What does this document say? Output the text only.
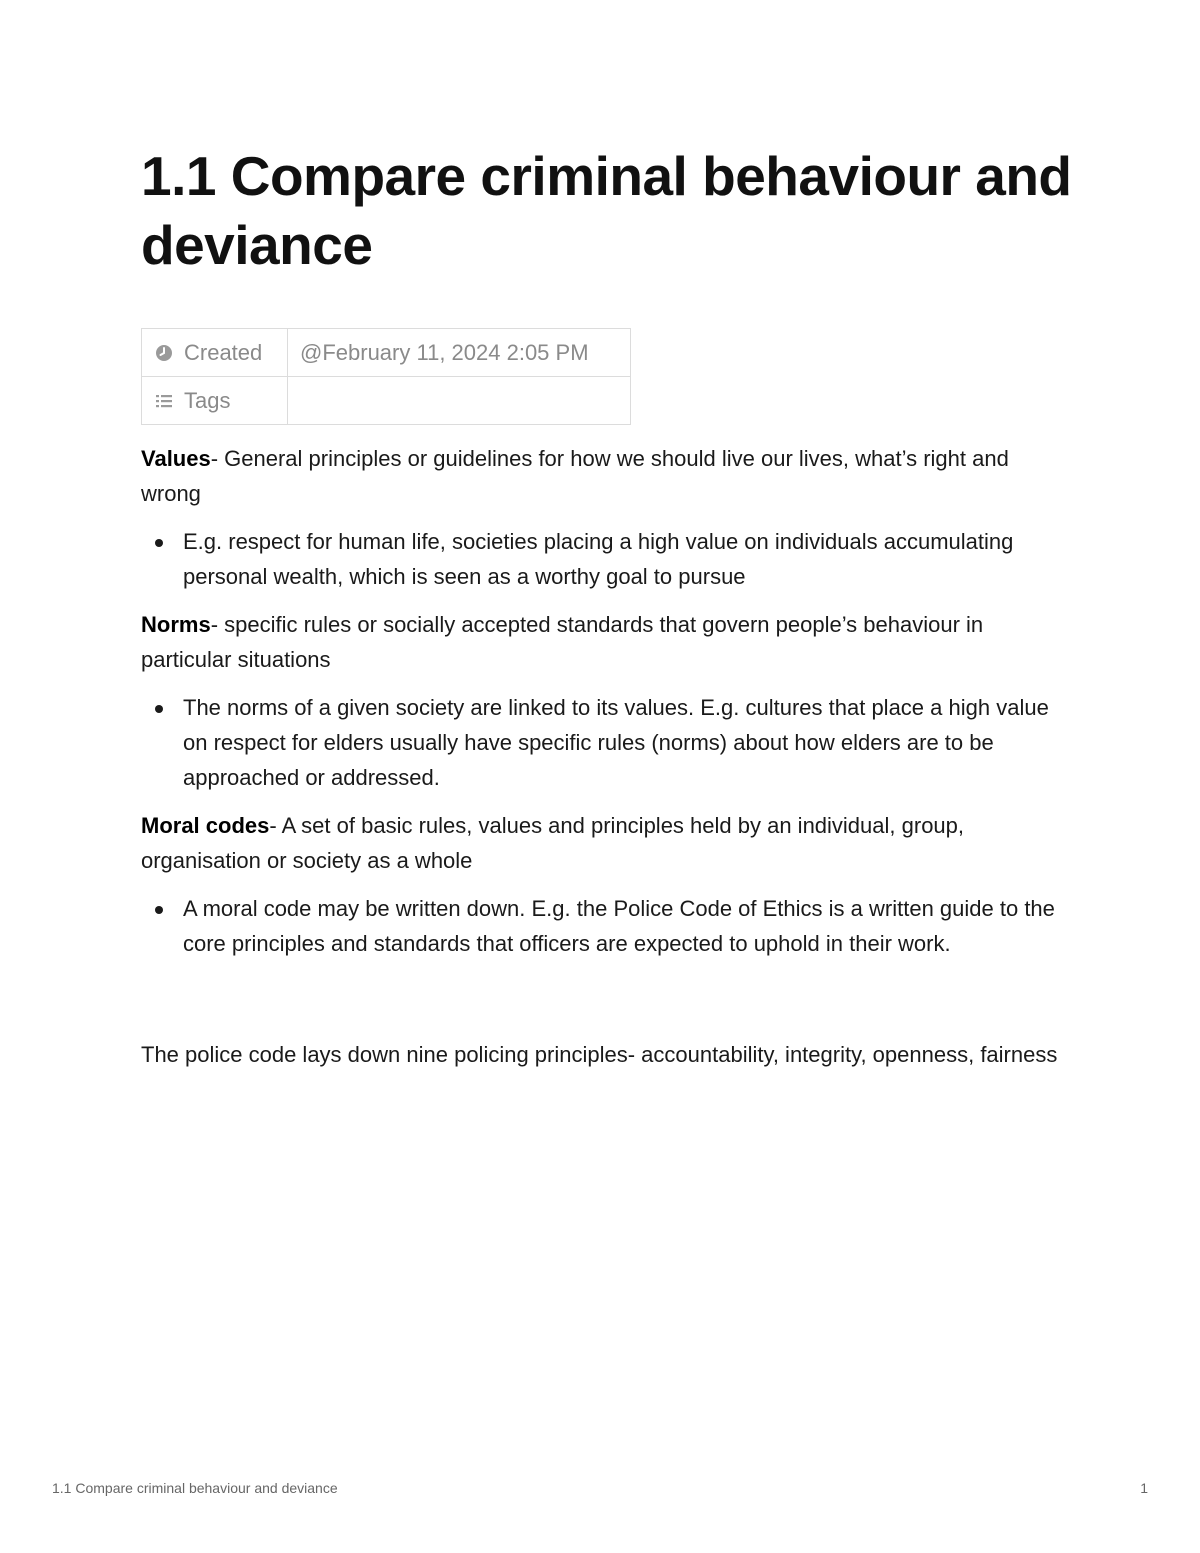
1.1 Compare criminal behaviour and deviance
Created	@February 11, 2024 2:05 PM
Tags	

Values- General principles or guidelines for how we should live our lives, what’s right and wrong

E.g. respect for human life, societies placing a high value on individuals accumulating personal wealth, which is seen as a worthy goal to pursue

Norms- specific rules or socially accepted standards that govern people’s behaviour in particular situations

The norms of a given society are linked to its values. E.g. cultures that place a high value on respect for elders usually have specific rules (norms) about how elders are to be approached or addressed.

Moral codes- A set of basic rules, values and principles held by an individual, group, organisation or society as a whole

A moral code may be written down. E.g. the Police Code of Ethics is a written guide to the core principles and standards that officers are expected to uphold in their work.

The police code lays down nine policing principles- accountability, integrity, openness, fairness

1.1 Compare criminal behaviour and deviance	1
